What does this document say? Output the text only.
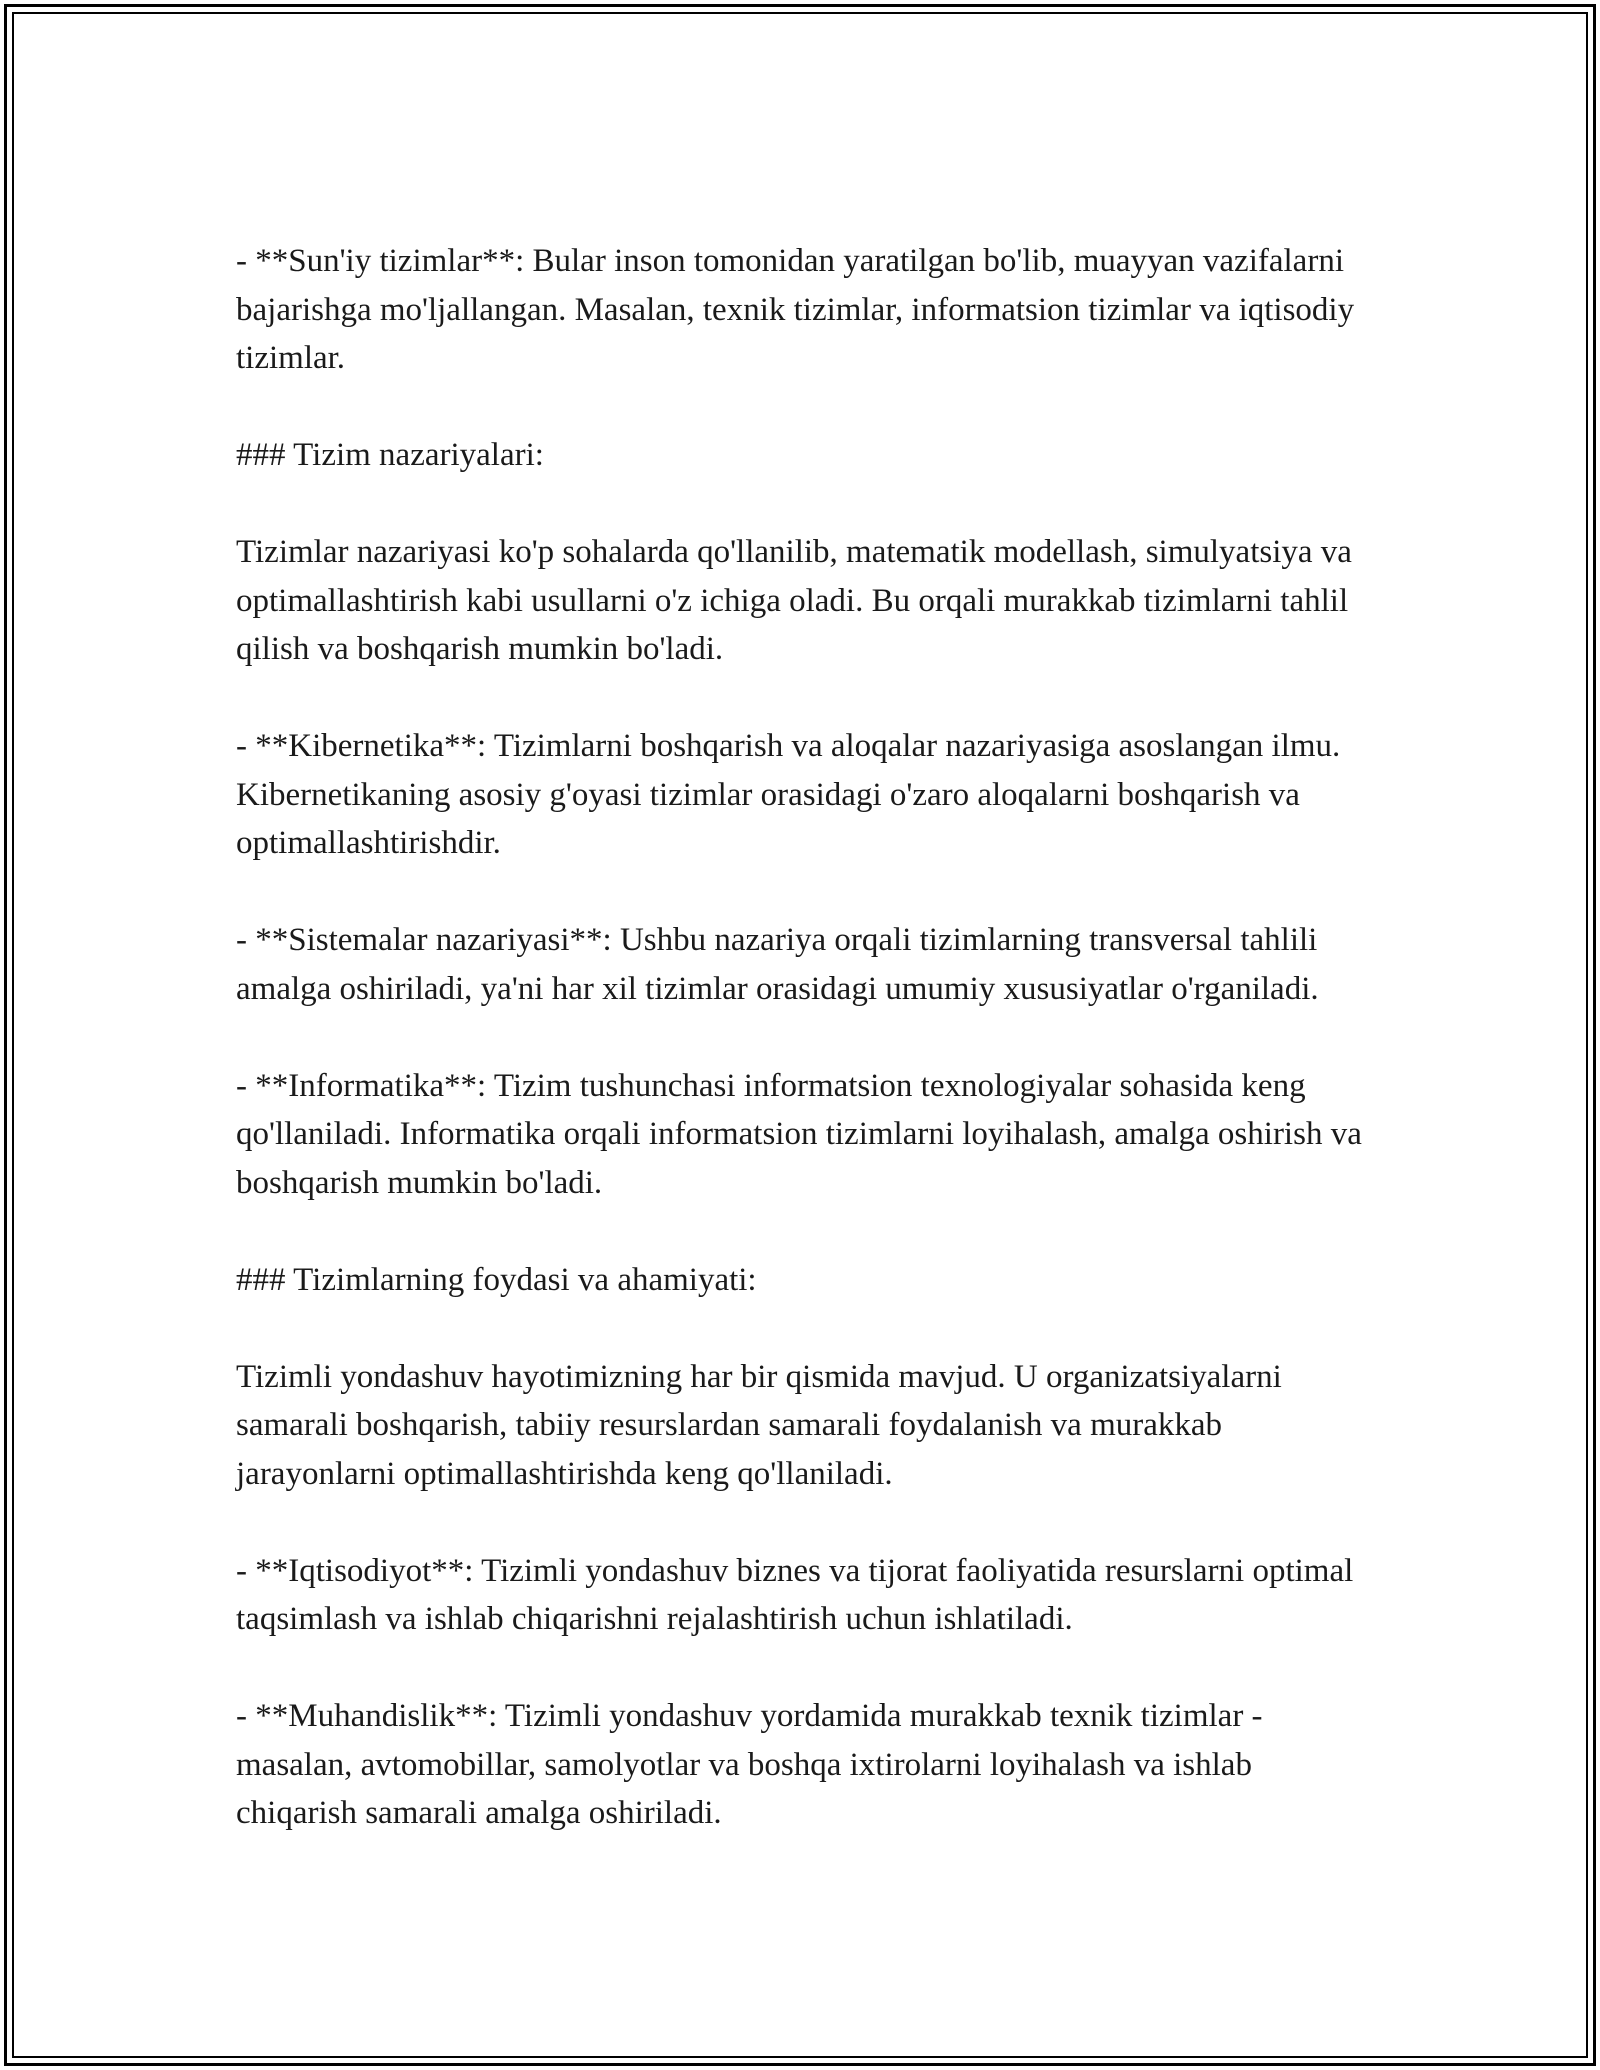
- **Sun'iy tizimlar**: Bular inson tomonidan yaratilgan bo'lib, muayyan vazifalarni bajarishga mo'ljallangan. Masalan, texnik tizimlar, informatsion tizimlar va iqtisodiy tizimlar.

### Tizim nazariyalari:

Tizimlar nazariyasi ko'p sohalarda qo'llanilib, matematik modellash, simulyatsiya va optimallashtirish kabi usullarni o'z ichiga oladi. Bu orqali murakkab tizimlarni tahlil qilish va boshqarish mumkin bo'ladi.

- **Kibernetika**: Tizimlarni boshqarish va aloqalar nazariyasiga asoslangan ilmu. Kibernetikaning asosiy g'oyasi tizimlar orasidagi o'zaro aloqalarni boshqarish va optimallashtirishdir.

- **Sistemalar nazariyasi**: Ushbu nazariya orqali tizimlarning transversal tahlili amalga oshiriladi, ya'ni har xil tizimlar orasidagi umumiy xususiyatlar o'rganiladi.

- **Informatika**: Tizim tushunchasi informatsion texnologiyalar sohasida keng qo'llaniladi. Informatika orqali informatsion tizimlarni loyihalash, amalga oshirish va boshqarish mumkin bo'ladi.

### Tizimlarning foydasi va ahamiyati:

Tizimli yondashuv hayotimizning har bir qismida mavjud. U organizatsiyalarni samarali boshqarish, tabiiy resurslardan samarali foydalanish va murakkab jarayonlarni optimallashtirishda keng qo'llaniladi.

- **Iqtisodiyot**: Tizimli yondashuv biznes va tijorat faoliyatida resurslarni optimal taqsimlash va ishlab chiqarishni rejalashtirish uchun ishlatiladi.

- **Muhandislik**: Tizimli yondashuv yordamida murakkab texnik tizimlar - masalan, avtomobillar, samolyotlar va boshqa ixtirolarni loyihalash va ishlab chiqarish samarali amalga oshiriladi.
